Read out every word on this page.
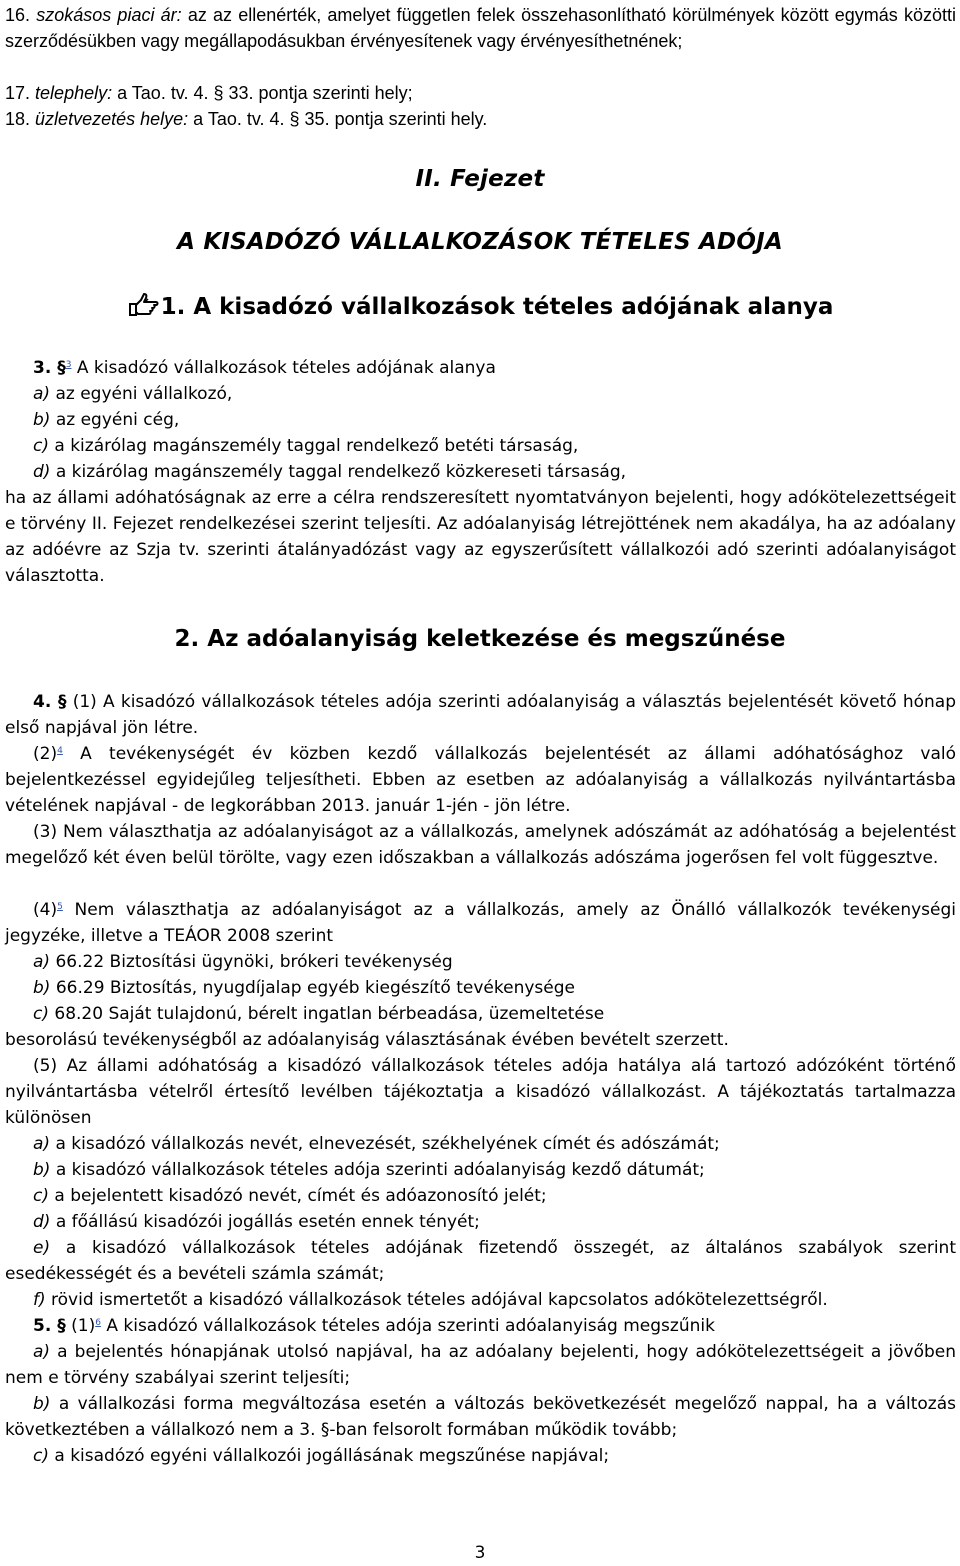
16. szokásos piaci ár: az az ellenérték, amelyet független felek összehasonlítható körülmények között egymás közötti szerződésükben vagy megállapodásukban érvényesítenek vagy érvényesíthetnének;

17. telephely: a Tao. tv. 4. § 33. pontja szerinti hely;

18. üzletvezetés helye: a Tao. tv. 4. § 35. pontja szerinti hely.

II. Fejezet
A KISADÓZÓ VÁLLALKOZÁSOK TÉTELES ADÓJA
1. A kisadózó vállalkozások tételes adójának alanya

3. §$^3$ A kisadózó vállalkozások tételes adójának alanya

a) az egyéni vállalkozó,

b) az egyéni cég,

c) a kizárólag magánszemély taggal rendelkező betéti társaság,

d) a kizárólag magánszemély taggal rendelkező közkereseti társaság,

ha az állami adóhatóságnak az erre a célra rendszeresített nyomtatványon bejelenti, hogy adókötelezettségeit e törvény II. Fejezet rendelkezései szerint teljesíti. Az adóalanyiság létrejöttének nem akadálya, ha az adóalany az adóévre az Szja tv. szerinti átalányadózást vagy az egyszerűsített vállalkozói adó szerinti adóalanyiságot választotta.

2. Az adóalanyiság keletkezése és megszűnése

4. § (1) A kisadózó vállalkozások tételes adója szerinti adóalanyiság a választás bejelentését követő hónap első napjával jön létre.

(2)$^4$ A tevékenységét év közben kezdő vállalkozás bejelentését az állami adóhatósághoz való bejelentkezéssel egyidejűleg teljesítheti. Ebben az esetben az adóalanyiság a vállalkozás nyilvántartásba vételének napjával - de legkorábban 2013. január 1-jén - jön létre.

(3) Nem választhatja az adóalanyiságot az a vállalkozás, amelynek adószámát az adóhatóság a bejelentést megelőző két éven belül törölte, vagy ezen időszakban a vállalkozás adószáma jogerősen fel volt függesztve.

(4)$^5$ Nem választhatja az adóalanyiságot az a vállalkozás, amely az Önálló vállalkozók tevékenységi jegyzéke, illetve a TEÁOR 2008 szerint

a) 66.22 Biztosítási ügynöki, brókeri tevékenység

b) 66.29 Biztosítás, nyugdíjalap egyéb kiegészítő tevékenysége

c) 68.20 Saját tulajdonú, bérelt ingatlan bérbeadása, üzemeltetése

besorolású tevékenységből az adóalanyiság választásának évében bevételt szerzett.

(5) Az állami adóhatóság a kisadózó vállalkozások tételes adója hatálya alá tartozó adózóként történő nyilvántartásba vételről értesítő levélben tájékoztatja a kisadózó vállalkozást. A tájékoztatás tartalmazza különösen

a) a kisadózó vállalkozás nevét, elnevezését, székhelyének címét és adószámát;

b) a kisadózó vállalkozások tételes adója szerinti adóalanyiság kezdő dátumát;

c) a bejelentett kisadózó nevét, címét és adóazonosító jelét;

d) a főállású kisadózói jogállás esetén ennek tényét;

e) a kisadózó vállalkozások tételes adójának fizetendő összegét, az általános szabályok szerint esedékességét és a bevételi számla számát;

f) rövid ismertetőt a kisadózó vállalkozások tételes adójával kapcsolatos adókötelezettségről.

5. § (1)$^6$ A kisadózó vállalkozások tételes adója szerinti adóalanyiság megszűnik

a) a bejelentés hónapjának utolsó napjával, ha az adóalany bejelenti, hogy adókötelezettségeit a jövőben nem e törvény szabályai szerint teljesíti;

b) a vállalkozási forma megváltozása esetén a változás bekövetkezését megelőző nappal, ha a változás következtében a vállalkozó nem a 3. §-ban felsorolt formában működik tovább;

c) a kisadózó egyéni vállalkozói jogállásának megszűnése napjával;

3
